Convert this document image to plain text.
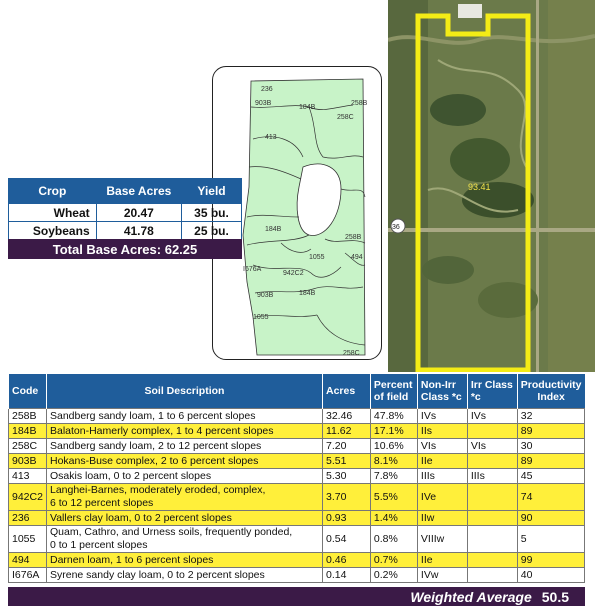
236
903B
184B
258B
258C
413
184B
258B
I676A
942C2
1055	494
903B	184B
1055
258C
93.41
36
Crop	Base Acres	Yield
Wheat	20.47	35 bu.
Soybeans	41.78	25 bu.
Total Base Acres:
62.25
Code	Soil Description	Acres	Percent of field	Non-Irr Class *c	Irr Class *c	Productivity Index
258B	Sandberg sandy loam, 1 to 6 percent slopes	32.46	47.8%	IVs	IVs	32
184B	Balaton-Hamerly complex, 1 to 4 percent slopes	11.62	17.1%	IIs		89
258C	Sandberg sandy loam, 2 to 12 percent slopes	7.20	10.6%	VIs	VIs	30
903B	Hokans-Buse complex, 2 to 6 percent slopes	5.51	8.1%	IIe		89
413	Osakis loam, 0 to 2 percent slopes	5.30	7.8%	IIIs	IIIs	45
942C2	Langhei-Barnes, moderately eroded, complex,
6 to 12 percent slopes	3.70	5.5%	IVe		74
236	Vallers clay loam, 0 to 2 percent slopes	0.93	1.4%	IIw		90
1055	Quam, Cathro, and Urness soils, frequently ponded,
0 to 1 percent slopes	0.54	0.8%	VIIIw		5
494	Darnen loam, 1 to 6 percent slopes	0.46	0.7%	IIe		99
I676A	Syrene sandy clay loam, 0 to 2 percent slopes	0.14	0.2%	IVw		40
Weighted Average 50.5
